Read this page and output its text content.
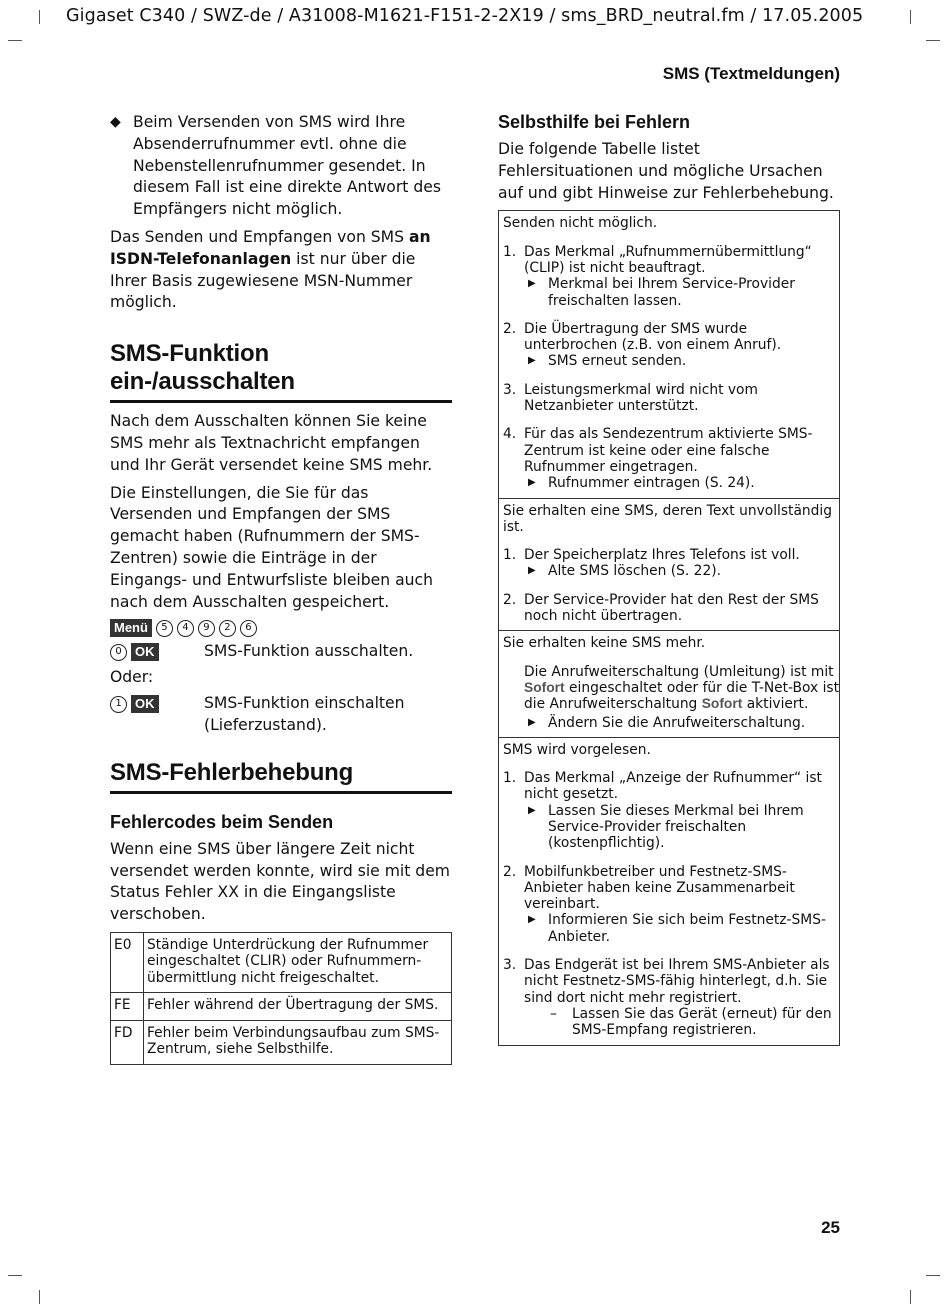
Gigaset C340 / SWZ-de / A31008-M1621-F151-2-2X19 / sms_BRD_neutral.fm / 17.05.2005
SMS (Textmeldungen)
◆ Beim Versenden von SMS wird Ihre Absenderrufnummer evtl. ohne die Nebenstellenrufnummer gesendet. In diesem Fall ist eine direkte Antwort des Empfängers nicht möglich.

Das Senden und Empfangen von SMS an ISDN-Telefonanlagen ist nur über die Ihrer Basis zugewiesene MSN-Nummer möglich.

SMS-Funktion ein-/ausschalten

Nach dem Ausschalten können Sie keine SMS mehr als Textnachricht empfangen und Ihr Gerät versendet keine SMS mehr.

Die Einstellungen, die Sie für das Versenden und Empfangen der SMS gemacht haben (Rufnummern der SMS-Zentren) sowie die Einträge in der Eingangs- und Entwurfsliste bleiben auch nach dem Ausschalten gespeichert.

Menü	5	4	9	2	6
0	OK	SMS-Funktion ausschalten.

Oder:

1	OK	SMS-Funktion einschalten (Lieferzustand).
SMS-Fehlerbehebung
Fehlercodes beim Senden

Wenn eine SMS über längere Zeit nicht versendet werden konnte, wird sie mit dem Status Fehler XX in die Eingangsliste verschoben.

E0	Ständige Unterdrückung der Rufnummer eingeschaltet (CLIR) oder Rufnummernübermittlung nicht freigeschaltet.
FE	Fehler während der Übertragung der SMS.
FD	Fehler beim Verbindungsaufbau zum SMS-Zentrum, siehe Selbsthilfe.
Selbsthilfe bei Fehlern

Die folgende Tabelle listet Fehlersituationen und mögliche Ursachen auf und gibt Hinweise zur Fehlerbehebung.

Senden nicht möglich.
1. Das Merkmal „Rufnummernübermittlung“ (CLIP) ist nicht beauftragt.
▶ Merkmal bei Ihrem Service-Provider freischalten lassen.
2. Die Übertragung der SMS wurde unterbrochen (z.B. von einem Anruf).
▶ SMS erneut senden.
3. Leistungsmerkmal wird nicht vom Netzanbieter unterstützt.
4. Für das als Sendezentrum aktivierte SMS-Zentrum ist keine oder eine falsche Rufnummer eingetragen.
▶ Rufnummer eintragen (S. 24).
Sie erhalten eine SMS, deren Text unvollständig ist.
1. Der Speicherplatz Ihres Telefons ist voll.
▶ Alte SMS löschen (S. 22).
2. Der Service-Provider hat den Rest der SMS noch nicht übertragen.
Sie erhalten keine SMS mehr.
Die Anrufweiterschaltung (Umleitung) ist mit Sofort eingeschaltet oder für die T-Net-Box ist die Anrufweiterschaltung Sofort aktiviert.
▶ Ändern Sie die Anrufweiterschaltung.
SMS wird vorgelesen.
1. Das Merkmal „Anzeige der Rufnummer“ ist nicht gesetzt.
▶ Lassen Sie dieses Merkmal bei Ihrem Service-Provider freischalten (kostenpflichtig).
2. Mobilfunkbetreiber und Festnetz-SMS-Anbieter haben keine Zusammenarbeit vereinbart.
▶ Informieren Sie sich beim Festnetz-SMS-Anbieter.
3. Das Endgerät ist bei Ihrem SMS-Anbieter als nicht Festnetz-SMS-fähig hinterlegt, d.h. Sie sind dort nicht mehr registriert.
– Lassen Sie das Gerät (erneut) für den SMS-Empfang registrieren.
25
